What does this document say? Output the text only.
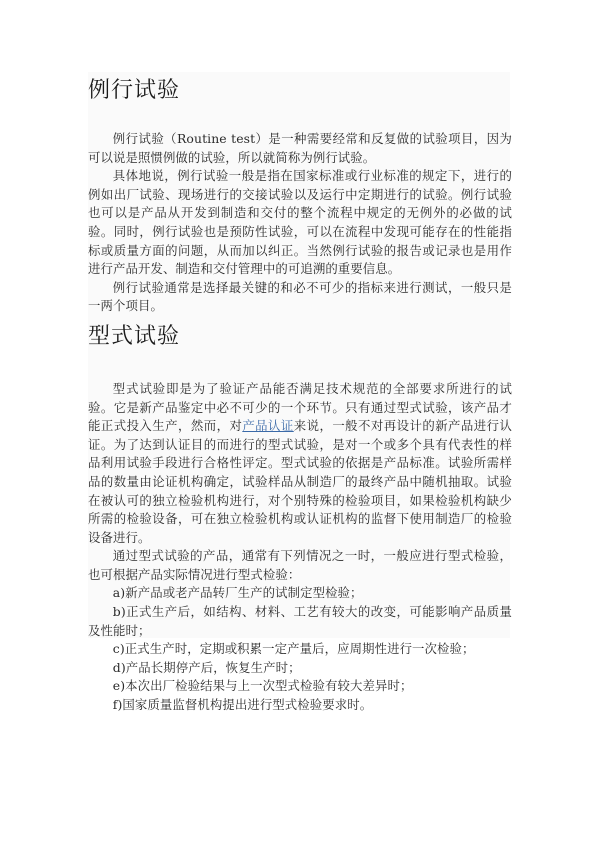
例行试验

例行试验（Routine test）是一种需要经常和反复做的试验项目，因为可以说是照惯例做的试验，所以就简称为例行试验。

具体地说，例行试验一般是指在国家标准或行业标准的规定下，进行的例如出厂试验、现场进行的交接试验以及运行中定期进行的试验。例行试验也可以是产品从开发到制造和交付的整个流程中规定的无例外的必做的试验。同时，例行试验也是预防性试验，可以在流程中发现可能存在的性能指标或质量方面的问题，从而加以纠正。当然例行试验的报告或记录也是用作进行产品开发、制造和交付管理中的可追溯的重要信息。

例行试验通常是选择最关键的和必不可少的指标来进行测试，一般只是一两个项目。

型式试验

型式试验即是为了验证产品能否满足技术规范的全部要求所进行的试验。它是新产品鉴定中必不可少的一个环节。只有通过型式试验，该产品才能正式投入生产，然而，对产品认证来说，一般不对再设计的新产品进行认证。为了达到认证目的而进行的型式试验，是对一个或多个具有代表性的样品利用试验手段进行合格性评定。型式试验的依据是产品标准。试验所需样品的数量由论证机构确定，试验样品从制造厂的最终产品中随机抽取。试验在被认可的独立检验机构进行，对个别特殊的检验项目，如果检验机构缺少所需的检验设备，可在独立检验机构或认证机构的监督下使用制造厂的检验设备进行。

通过型式试验的产品，通常有下列情况之一时，一般应进行型式检验，也可根据产品实际情况进行型式检验：

a)新产品或老产品转厂生产的试制定型检验；

b)正式生产后，如结构、材料、工艺有较大的改变，可能影响产品质量及性能时；

c)正式生产时，定期或积累一定产量后，应周期性进行一次检验；

d)产品长期停产后，恢复生产时；

e)本次出厂检验结果与上一次型式检验有较大差异时；

f)国家质量监督机构提出进行型式检验要求时。
